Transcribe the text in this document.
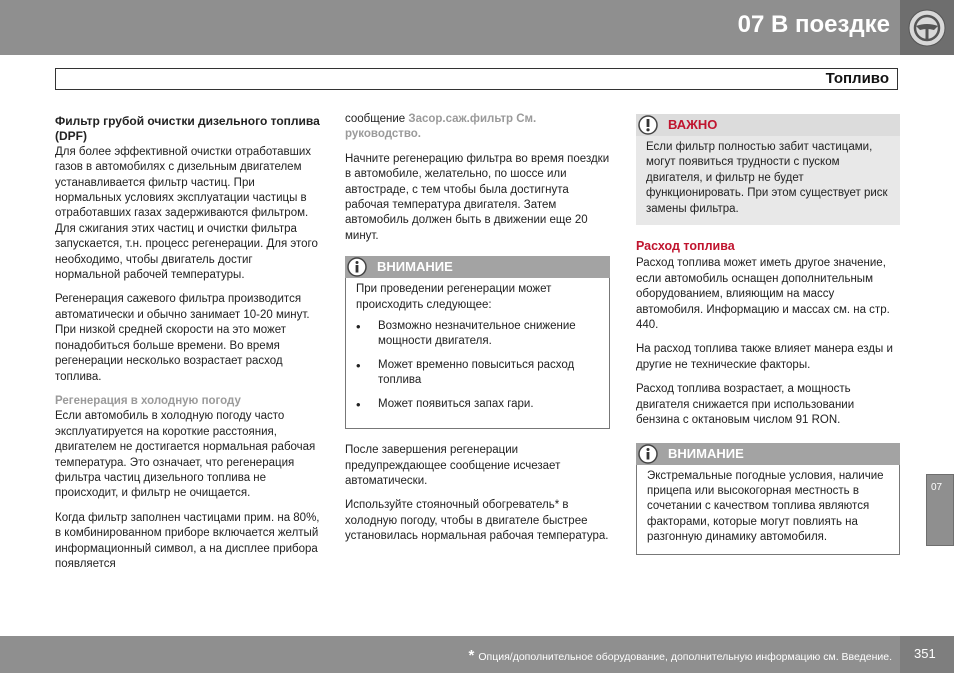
07 В поездке
Топливо

Фильтр грубой очистки дизельного топлива (DPF)

Для более эффективной очистки отработавших газов в автомобилях с дизельным двигателем устанавливается фильтр частиц. При нормальных условиях эксплуатации частицы в отработавших газах задерживаются фильтром. Для сжигания этих частиц и очистки фильтра запускается, т.н. процесс регенерации. Для этого необходимо, чтобы двигатель достиг нормальной рабочей температуры.

Регенерация сажевого фильтра производится автоматически и обычно занимает 10-20 минут. При низкой средней скорости на это может понадобиться больше времени. Во время регенерации несколько возрастает расход топлива.

Регенерация в холодную погоду

Если автомобиль в холодную погоду часто эксплуатируется на короткие расстояния, двигателем не достигается нормальная рабочая температура. Это означает, что регенерация фильтра частиц дизельного топлива не происходит, и фильтр не очищается.

Когда фильтр заполнен частицами прим. на 80%, в комбинированном приборе включается желтый информационный символ, а на дисплее прибора появляется

сообщение Засор.саж.фильтр См. руководство.

Начните регенерацию фильтра во время поездки в автомобиле, желательно, по шоссе или автостраде, с тем чтобы была достигнута рабочая температура двигателя. Затем автомобиль должен быть в движении еще 20 минут.

ВНИМАНИЕ
При проведении регенерации может происходить следующее:
• Возможно незначительное снижение мощности двигателя.
• Может временно повыситься расход топлива
• Может появиться запах гари.

После завершения регенерации предупреждающее сообщение исчезает автоматически.

Используйте стояночный обогреватель* в холодную погоду, чтобы в двигателе быстрее установилась нормальная рабочая температура.

ВАЖНО
Если фильтр полностью забит частицами, могут появиться трудности с пуском двигателя, и фильтр не будет функционировать. При этом существует риск замены фильтра.

Расход топлива

Расход топлива может иметь другое значение, если автомобиль оснащен дополнительным оборудованием, влияющим на массу автомобиля. Информацию и массах см. на стр. 440.

На расход топлива также влияет манера езды и другие не технические факторы.

Расход топлива возрастает, а мощность двигателя снижается при использовании бензина с октановым числом 91 RON.

ВНИМАНИЕ
Экстремальные погодные условия, наличие прицепа или высокогорная местность в сочетании с качеством топлива являются факторами, которые могут повлиять на разгонную динамику автомобиля.
07
* Опция/дополнительное оборудование, дополнительную информацию см. Введение. 351
